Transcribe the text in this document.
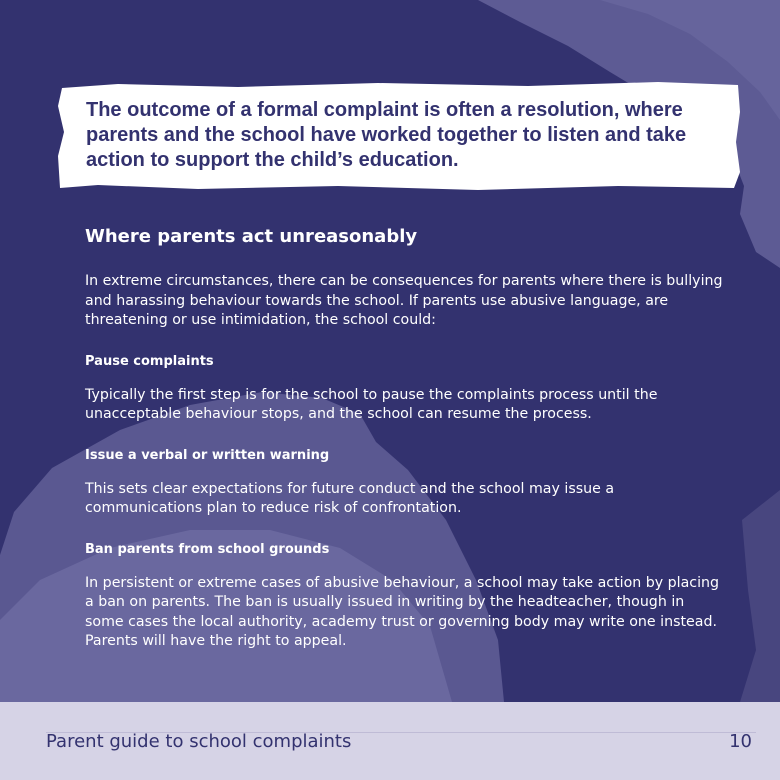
The outcome of a formal complaint is often a resolution, where parents and the school have worked together to listen and take action to support the child’s education.

Where parents act unreasonably

In extreme circumstances, there can be consequences for parents where there is bullying and harassing behaviour towards the school. If parents use abusive language, are threatening or use intimidation, the school could:

Pause complaints

Typically the first step is for the school to pause the complaints process until the unacceptable behaviour stops, and the school can resume the process.

Issue a verbal or written warning

This sets clear expectations for future conduct and the school may issue a communications plan to reduce risk of confrontation.

Ban parents from school grounds

In persistent or extreme cases of abusive behaviour, a school may take action by placing a ban on parents. The ban is usually issued in writing by the headteacher, though in some cases the local authority, academy trust or governing body may write one instead. Parents will have the right to appeal.

Parent guide to school complaints	10
